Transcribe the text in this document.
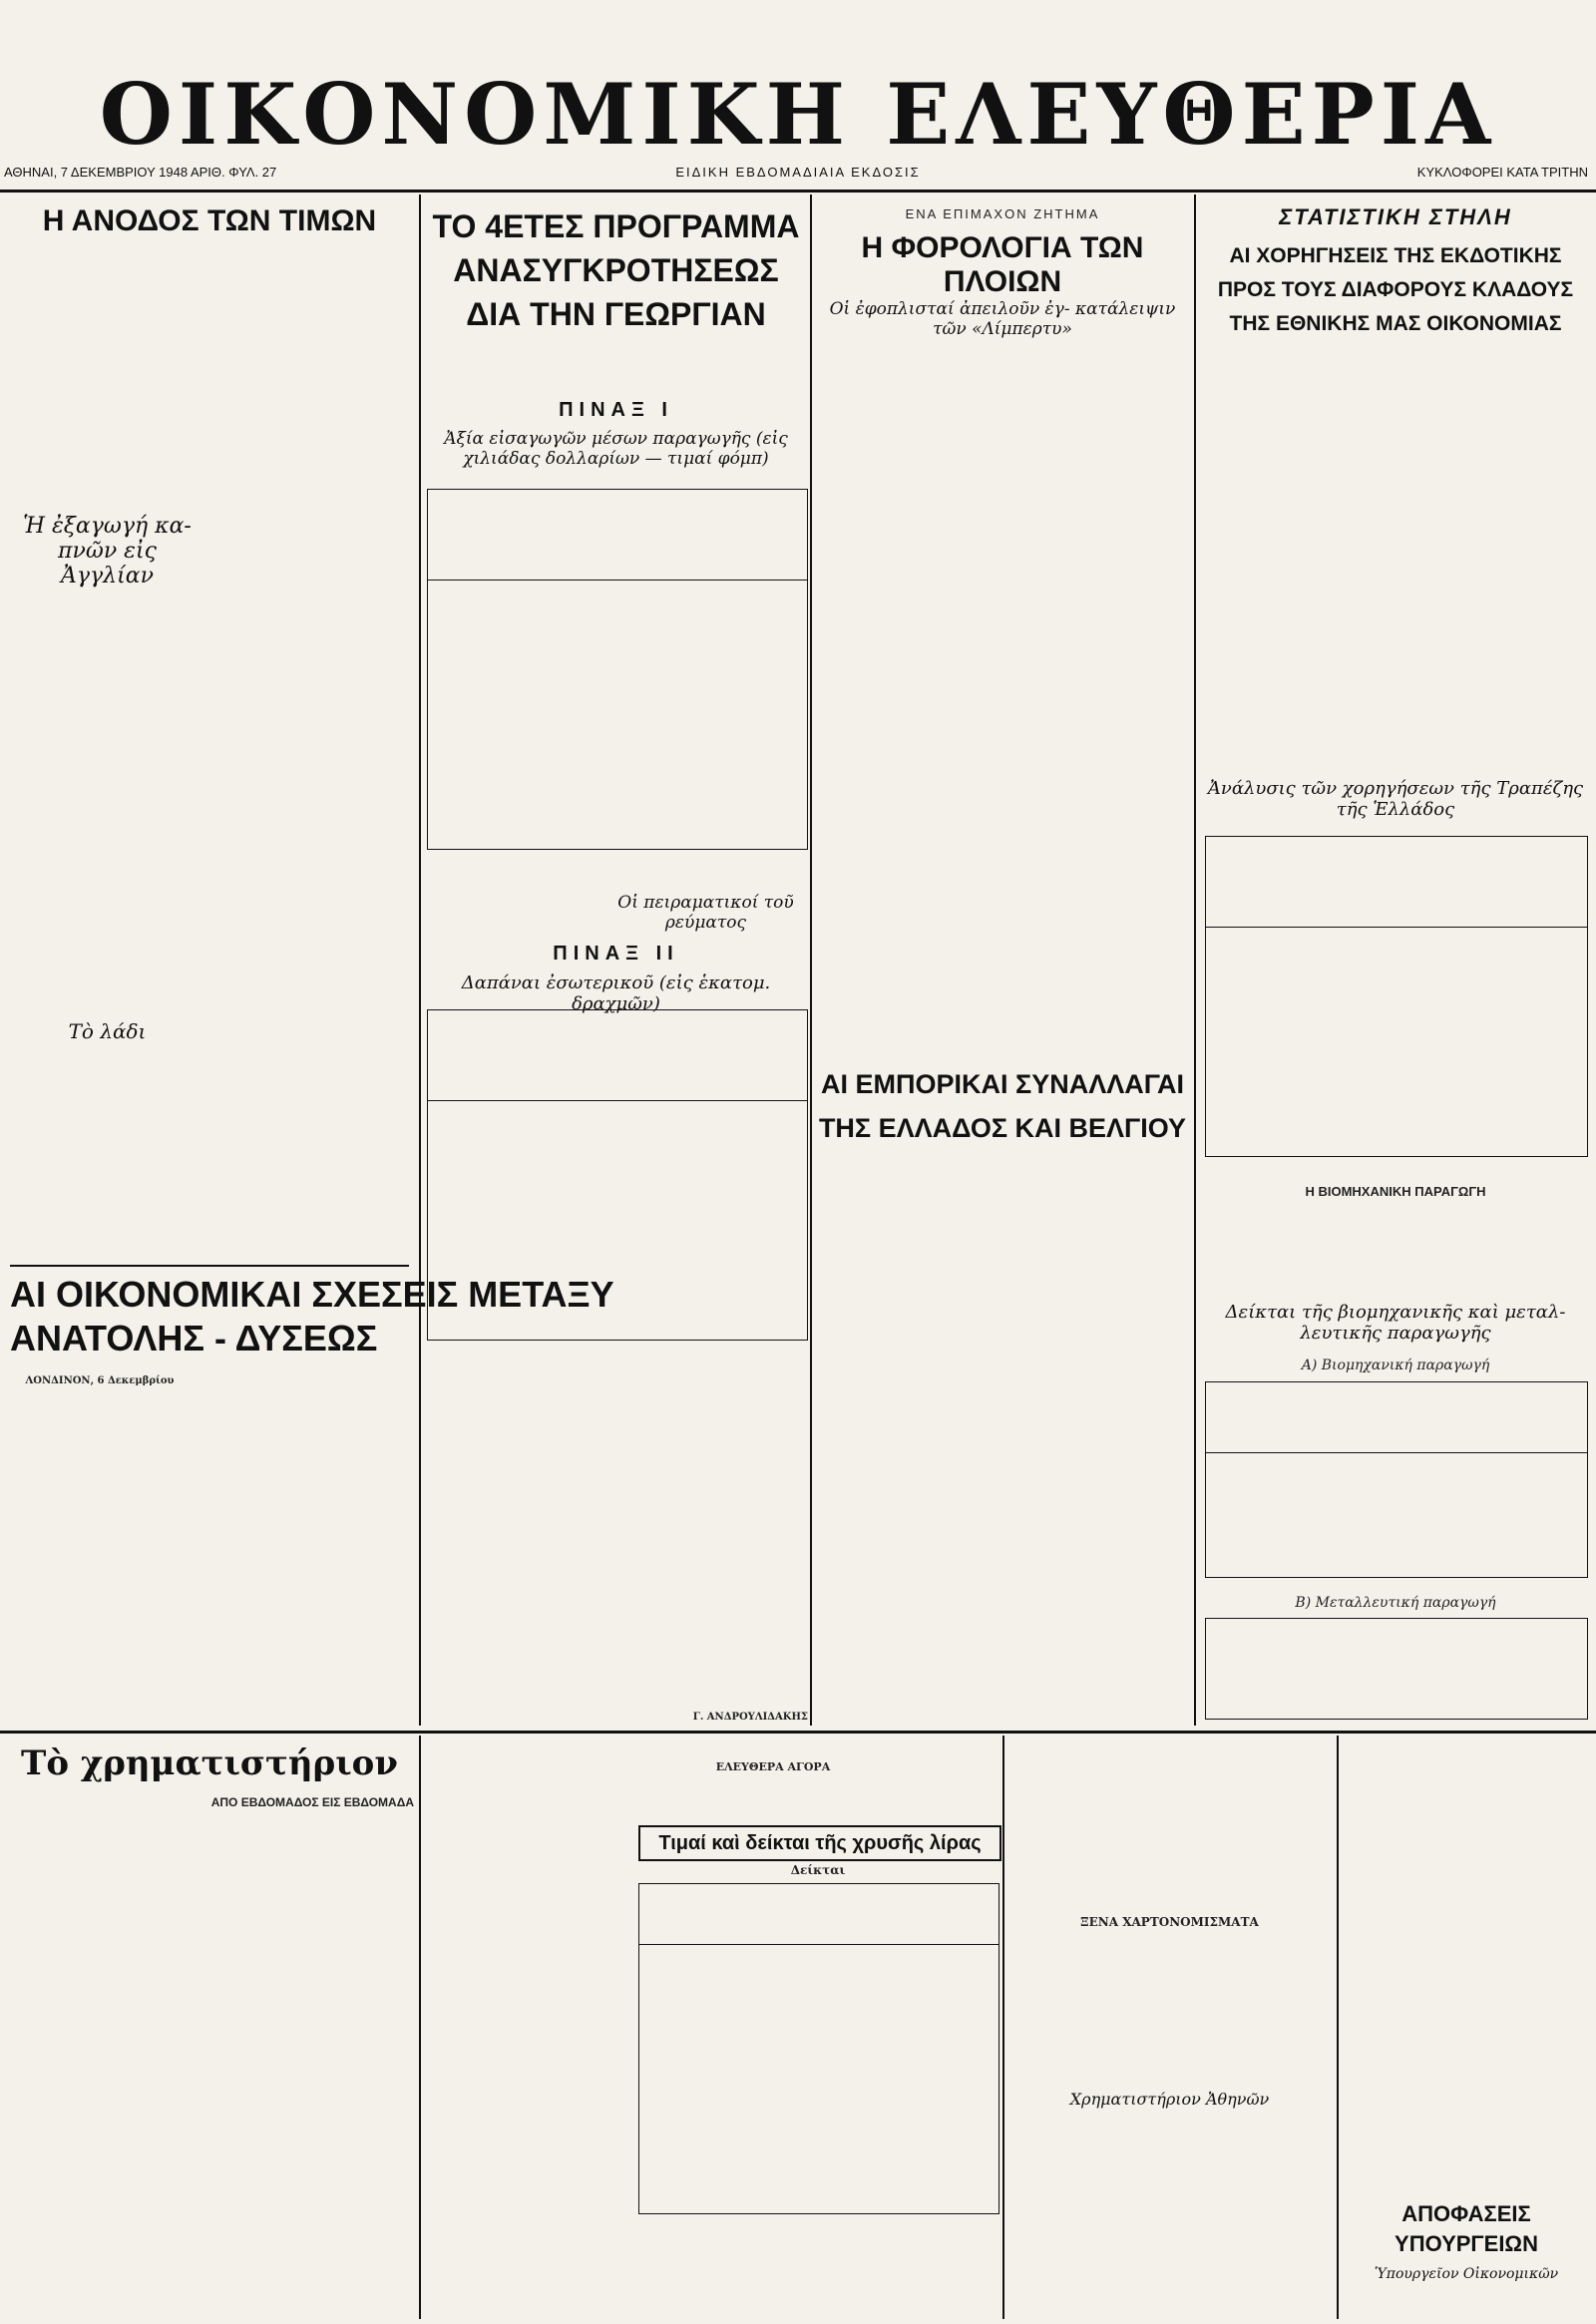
ΟΙΚΟΝΟΜΙΚΗ ΕΛΕΥΘΕΡΙΑ
ΑΘΗΝΑΙ, 7 ΔΕΚΕΜΒΡΙΟΥ 1948 ΑΡΙΘ. ΦΥΛ. 27	ΕΙΔΙΚΗ ΕΒΔΟΜΑΔΙΑΙΑ ΕΚΔΟΣΙΣ	ΚΥΚΛΟΦΟΡΕΙ ΚΑΤΑ ΤΡΙΤΗΝ
Η ΑΝΟΔΟΣ ΤΩΝ ΤΙΜΩΝ

Ἡ ἐξαγωγή κα- πνῶν εἰς Ἀγγλίαν
Τὸ λάδι
ΑΙ ΟΙΚΟΝΟΜΙΚΑΙ ΣΧΕΣΕΙΣ ΜΕΤΑΞΥ ΑΝΑΤΟΛΗΣ - ΔΥΣΕΩΣ
ΛΟΝΔΙΝΟΝ, 6 Δεκεμβρίου
Γ. ΑΝΔΡΟΥΛΙΔΑΚΗΣ
ΤΟ 4ΕΤΕΣ ΠΡΟΓΡΑΜΜΑ ΑΝΑΣΥΓΚΡΟΤΗΣΕΩΣ ΔΙΑ ΤΗΝ ΓΕΩΡΓΙΑΝ
ΠΙΝΑΞ Ι
Ἀξία εἰσαγωγῶν μέσων παραγωγῆς (εἰς χιλιάδας δολλαρίων — τιμαί φόμπ)
ΠΙΝΑΞ ΙΙ
Δαπάναι ἐσωτερικοῦ (εἰς ἑκατομ. δραχμῶν)
Οἱ πειραματικοί τοῦ ρεύματος
ΕΝΑ ΕΠΙΜΑΧΟΝ ΖΗΤΗΜΑ
Η ΦΟΡΟΛΟΓΙΑ ΤΩΝ ΠΛΟΙΩΝ
Οἱ ἐφοπλισταί ἀπειλοῦν ἐγ- κατάλειψιν τῶν «Λίμπερτυ»
ΑΙ ΕΜΠΟΡΙΚΑΙ ΣΥΝΑΛΛΑΓΑΙ ΤΗΣ ΕΛΛΑΔΟΣ ΚΑΙ ΒΕΛΓΙΟΥ
ΣΤΑΤΙΣΤΙΚΗ ΣΤΗΛΗ
ΑΙ ΧΟΡΗΓΗΣΕΙΣ ΤΗΣ ΕΚΔΟΤΙΚΗΣ ΠΡΟΣ ΤΟΥΣ ΔΙΑΦΟΡΟΥΣ ΚΛΑΔΟΥΣ ΤΗΣ ΕΘΝΙΚΗΣ ΜΑΣ ΟΙΚΟΝΟΜΙΑΣ
Ἀνάλυσις τῶν χορηγήσεων τῆς Τραπέζης τῆς Ἑλλάδος
Η ΒΙΟΜΗΧΑΝΙΚΗ ΠΑΡΑΓΩΓΗ
Δείκται τῆς βιομηχανικῆς καὶ μεταλ- λευτικῆς παραγωγῆς
Α) Βιομηχανική παραγωγή
Β) Μεταλλευτική παραγωγή
Τὸ χρηματιστήριον
ΑΠΟ ΕΒΔΟΜΑΔΟΣ ΕΙΣ ΕΒΔΟΜΑΔΑ
ΕΛΕΥΘΕΡΑ ΑΓΟΡΑ
Τιμαί καὶ δείκται τῆς χρυσῆς λίρας
Δείκται
ΞΕΝΑ ΧΑΡΤΟΝΟΜΙΣΜΑΤΑ
Χρηματιστήριον Ἀθηνῶν
ΑΠΟΦΑΣΕΙΣ ΥΠΟΥΡΓΕΙΩΝ
Ὑπουργεῖον Οἰκονομικῶν
